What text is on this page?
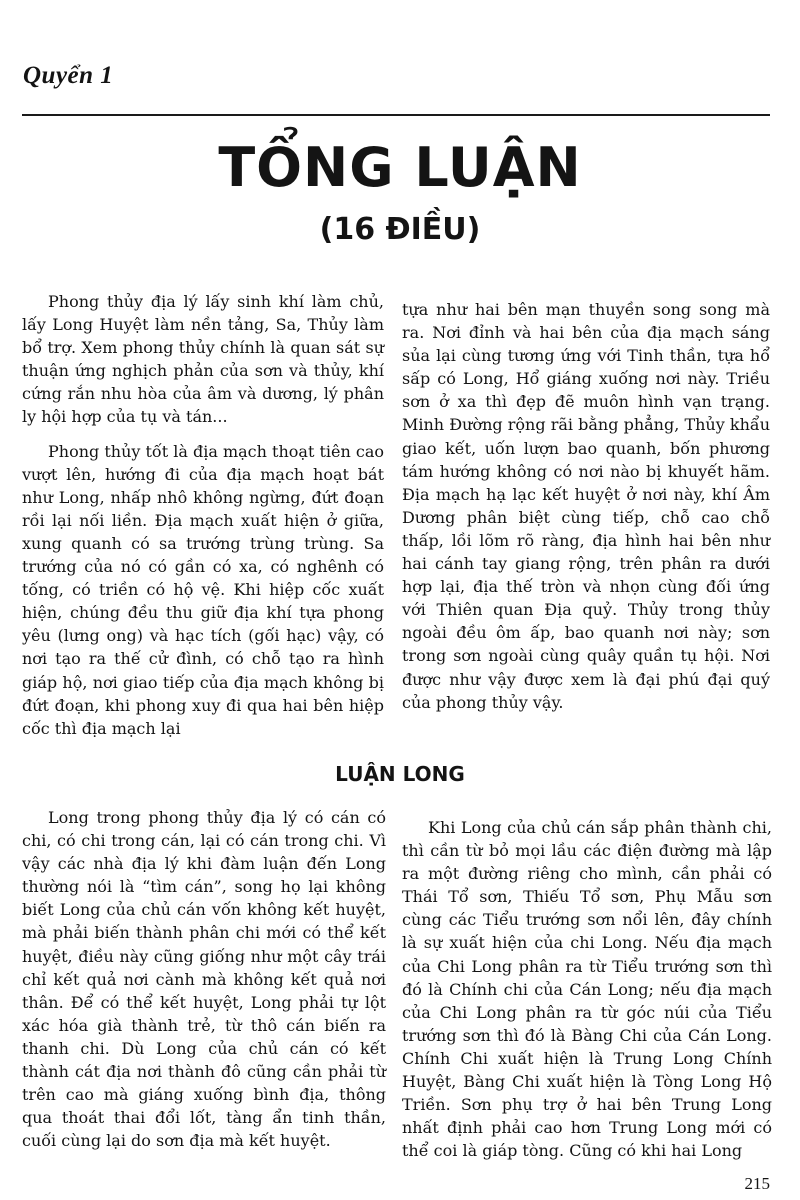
Quyển 1
TỔNG LUẬN
(16 ĐIỀU)

Phong thủy địa lý lấy sinh khí làm chủ, lấy Long Huyệt làm nền tảng, Sa, Thủy làm bổ trợ. Xem phong thủy chính là quan sát sự thuận ứng nghịch phản của sơn và thủy, khí cứng rắn nhu hòa của âm và dương, lý phân ly hội hợp của tụ và tán...

Phong thủy tốt là địa mạch thoạt tiên cao vượt lên, hướng đi của địa mạch hoạt bát như Long, nhấp nhô không ngừng, đứt đoạn rồi lại nối liền. Địa mạch xuất hiện ở giữa, xung quanh có sa trướng trùng trùng. Sa trướng của nó có gần có xa, có nghênh có tống, có triền có hộ vệ. Khi hiệp cốc xuất hiện, chúng đều thu giữ địa khí tựa phong yêu (lưng ong) và hạc tích (gối hạc) vậy, có nơi tạo ra thế cử đình, có chỗ tạo ra hình giáp hộ, nơi giao tiếp của địa mạch không bị đứt đoạn, khi phong xuy đi qua hai bên hiệp cốc thì địa mạch lại

tựa như hai bên mạn thuyền song song mà ra. Nơi đỉnh và hai bên của địa mạch sáng sủa lại cùng tương ứng với Tinh thần, tựa hổ sấp có Long, Hổ giáng xuống nơi này. Triều sơn ở xa thì đẹp đẽ muôn hình vạn trạng. Minh Đường rộng rãi bằng phẳng, Thủy khẩu giao kết, uốn lượn bao quanh, bốn phương tám hướng không có nơi nào bị khuyết hãm. Địa mạch hạ lạc kết huyệt ở nơi này, khí Âm Dương phân biệt cùng tiếp, chỗ cao chỗ thấp, lồi lõm rõ ràng, địa hình hai bên như hai cánh tay giang rộng, trên phân ra dưới hợp lại, địa thế tròn và nhọn cùng đối ứng với Thiên quan Địa quỷ. Thủy trong thủy ngoài đều ôm ấp, bao quanh nơi này; sơn trong sơn ngoài cùng quây quần tụ hội. Nơi được như vậy được xem là đại phú đại quý của phong thủy vậy.

LUẬN LONG

Long trong phong thủy địa lý có cán có chi, có chi trong cán, lại có cán trong chi. Vì vậy các nhà địa lý khi đàm luận đến Long thường nói là “tìm cán”, song họ lại không biết Long của chủ cán vốn không kết huyệt, mà phải biến thành phân chi mới có thể kết huyệt, điều này cũng giống như một cây trái chỉ kết quả nơi cành mà không kết quả nơi thân. Để có thể kết huyệt, Long phải tự lột xác hóa già thành trẻ, từ thô cán biến ra thanh chi. Dù Long của chủ cán có kết thành cát địa nơi thành đô cũng cần phải từ trên cao mà giáng xuống bình địa, thông qua thoát thai đổi lốt, tàng ẩn tinh thần, cuối cùng lại do sơn địa mà kết huyệt.

Khi Long của chủ cán sắp phân thành chi, thì cần từ bỏ mọi lầu các điện đường mà lập ra một đường riêng cho mình, cần phải có Thái Tổ sơn, Thiếu Tổ sơn, Phụ Mẫu sơn cùng các Tiểu trướng sơn nổi lên, đây chính là sự xuất hiện của chi Long. Nếu địa mạch của Chi Long phân ra từ Tiểu trướng sơn thì đó là Chính chi của Cán Long; nếu địa mạch của Chi Long phân ra từ góc núi của Tiểu trướng sơn thì đó là Bàng Chi của Cán Long. Chính Chi xuất hiện là Trung Long Chính Huyệt, Bàng Chi xuất hiện là Tòng Long Hộ Triền. Sơn phụ trợ ở hai bên Trung Long nhất định phải cao hơn Trung Long mới có thể coi là giáp tòng. Cũng có khi hai Long

215
